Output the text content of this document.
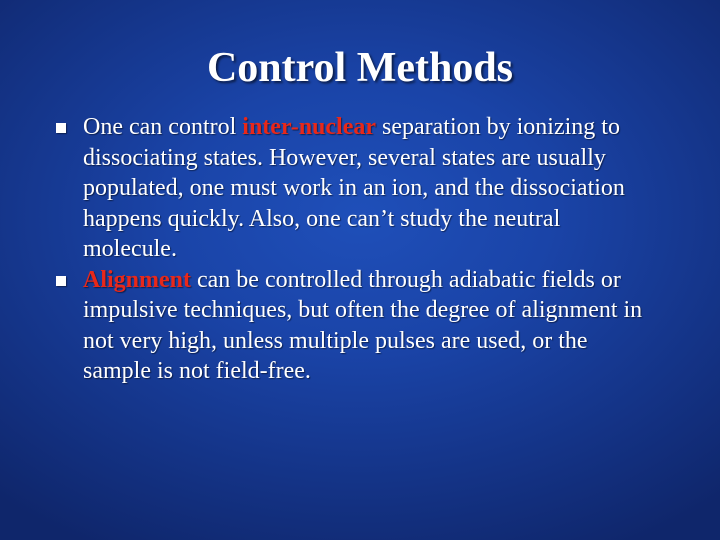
Control Methods
One can control inter-nuclear separation by ionizing to dissociating states. However, several states are usually populated, one must work in an ion, and the dissociation happens quickly. Also, one can’t study the neutral molecule.
Alignment can be controlled through adiabatic fields or impulsive techniques, but often the degree of alignment in not very high, unless multiple pulses are used, or the sample is not field-free.
